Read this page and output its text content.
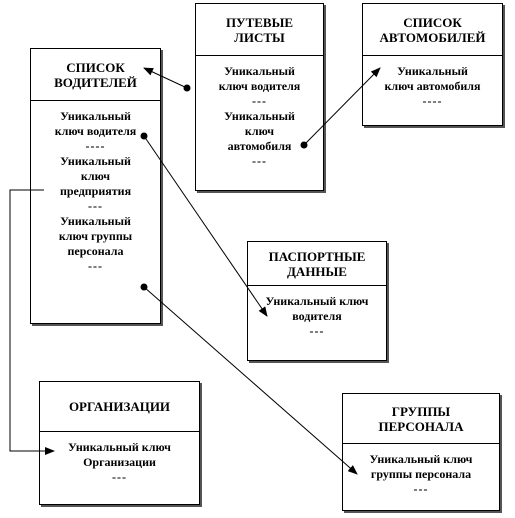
СПИСОК
ВОДИТЕЛЕЙ
Уникальный
ключ водителя
----
Уникальный
ключ
предприятия
---
Уникальный
ключ группы
персонала
---
ПУТЕВЫЕ
ЛИСТЫ
Уникальный
ключ водителя
---
Уникальный
ключ
автомобиля
---
СПИСОК
АВТОМОБИЛЕЙ
Уникальный
ключ автомобиля
----
ПАСПОРТНЫЕ
ДАННЫЕ
Уникальный ключ
водителя
---
ОРГАНИЗАЦИИ
Уникальный ключ
Организации
---
ГРУППЫ
ПЕРСОНАЛА
Уникальный ключ
группы персонала
---
